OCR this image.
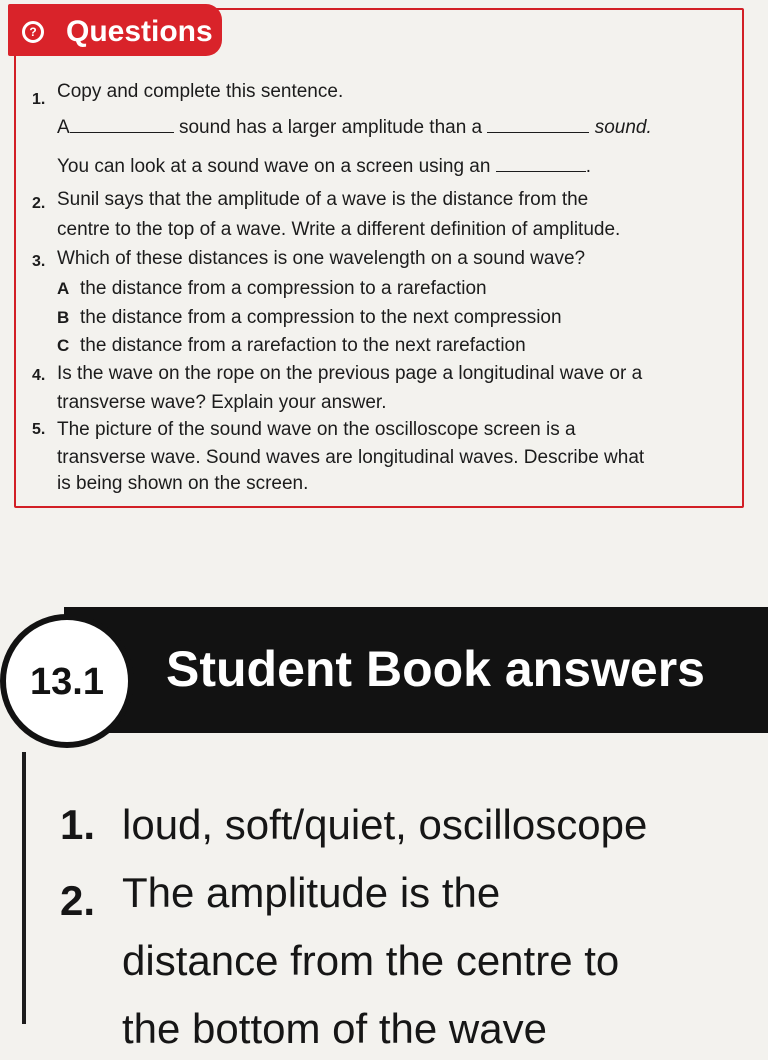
? Questions
1. Copy and complete this sentence.
A	sound has a larger amplitude than a	sound.
You can look at a sound wave on a screen using an	.
2. Sunil says that the amplitude of a wave is the distance from the
centre to the top of a wave. Write a different definition of amplitude.
3. Which of these distances is one wavelength on a sound wave?
A the distance from a compression to a rarefaction
B the distance from a compression to the next compression
C the distance from a rarefaction to the next rarefaction
4. Is the wave on the rope on the previous page a longitudinal wave or a
transverse wave? Explain your answer.
5. The picture of the sound wave on the oscilloscope screen is a
transverse wave. Sound waves are longitudinal waves. Describe what
is being shown on the screen.
Student Book answers
13.1
1. loud, soft/quiet, oscilloscope
2. The amplitude is the
distance from the centre to
the bottom of the wave
